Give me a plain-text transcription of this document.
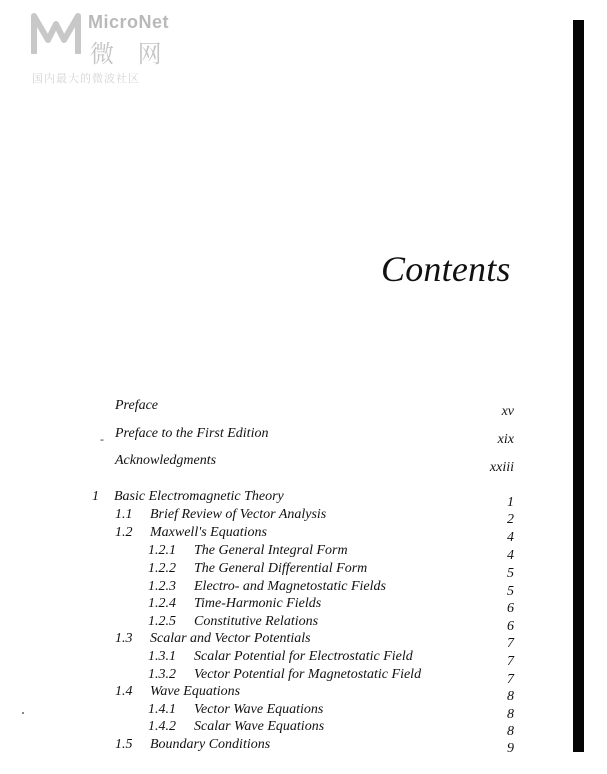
MicroNet
微 网
国内最大的微波社区
Contents
Preface	xv
- Preface to the First Edition	xix
Acknowledgments	xxiii
1 Basic Electromagnetic Theory	1
1.1 Brief Review of Vector Analysis	2
1.2 Maxwell's Equations	4
1.2.1 The General Integral Form	4
1.2.2 The General Differential Form	5
1.2.3 Electro- and Magnetostatic Fields	5
1.2.4 Time-Harmonic Fields	6
1.2.5 Constitutive Relations	6
1.3 Scalar and Vector Potentials	7
1.3.1 Scalar Potential for Electrostatic Field	7
1.3.2 Vector Potential for Magnetostatic Field	7
1.4 Wave Equations	8
1.4.1 Vector Wave Equations	8
1.4.2 Scalar Wave Equations	8
1.5 Boundary Conditions	9
